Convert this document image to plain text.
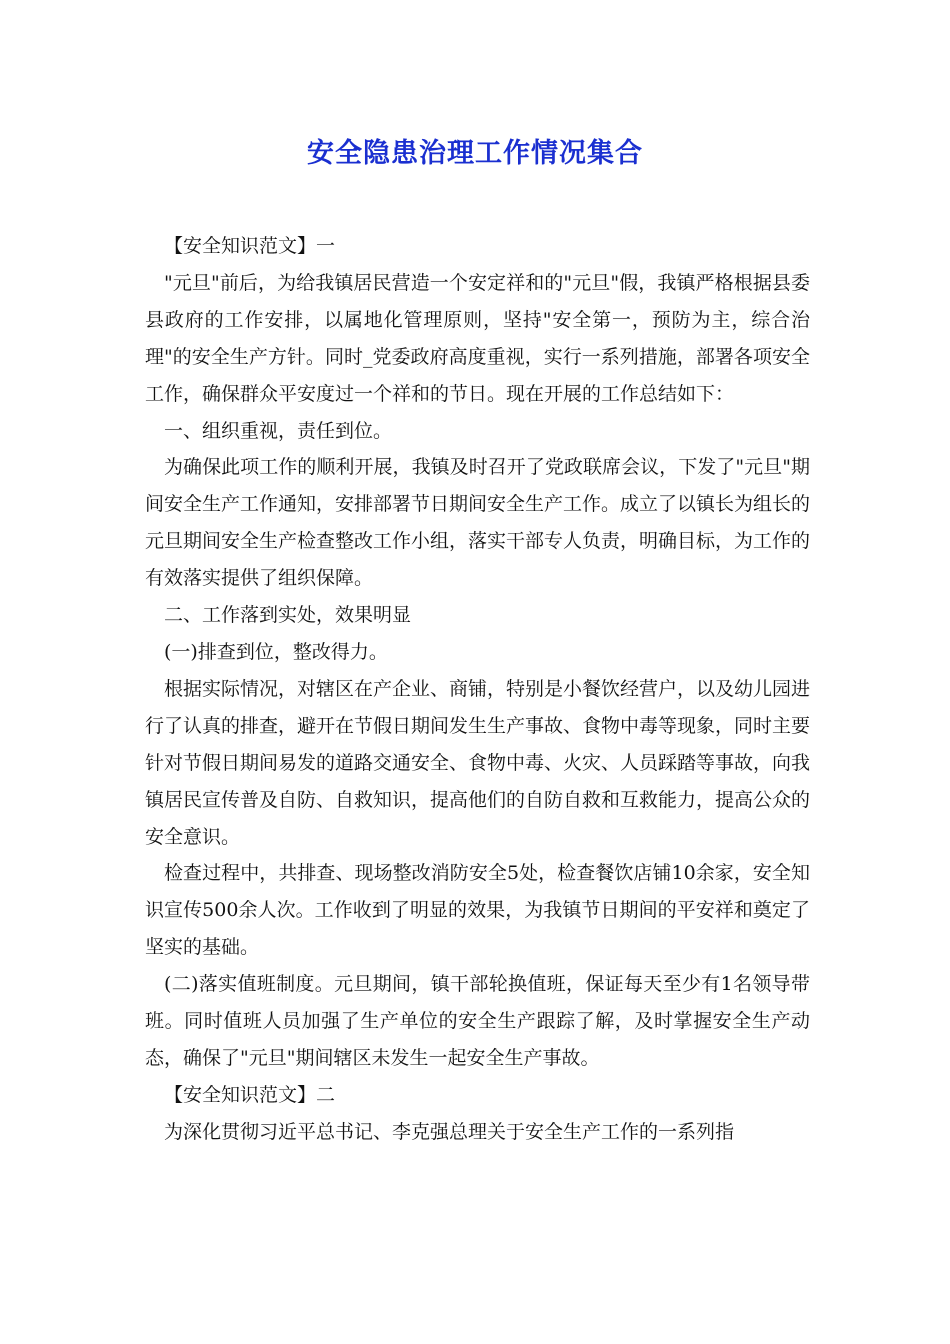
安全隐患治理工作情况集合

【安全知识范文】一

"元旦"前后，为给我镇居民营造一个安定祥和的"元旦"假，我镇严格根据县委县政府的工作安排，以属地化管理原则，坚持"安全第一，预防为主，综合治理"的安全生产方针。同时_党委政府高度重视，实行一系列措施，部署各项安全工作，确保群众平安度过一个祥和的节日。现在开展的工作总结如下：

一、组织重视，责任到位。

为确保此项工作的顺利开展，我镇及时召开了党政联席会议，下发了"元旦"期间安全生产工作通知，安排部署节日期间安全生产工作。成立了以镇长为组长的元旦期间安全生产检查整改工作小组，落实干部专人负责，明确目标，为工作的有效落实提供了组织保障。

二、工作落到实处，效果明显

(一)排查到位，整改得力。

根据实际情况，对辖区在产企业、商铺，特别是小餐饮经营户，以及幼儿园进行了认真的排查，避开在节假日期间发生生产事故、食物中毒等现象，同时主要针对节假日期间易发的道路交通安全、食物中毒、火灾、人员踩踏等事故，向我镇居民宣传普及自防、自救知识，提高他们的自防自救和互救能力，提高公众的安全意识。

检查过程中，共排查、现场整改消防安全5处，检查餐饮店铺10余家，安全知识宣传500余人次。工作收到了明显的效果，为我镇节日期间的平安祥和奠定了坚实的基础。

(二)落实值班制度。元旦期间，镇干部轮换值班，保证每天至少有1名领导带班。同时值班人员加强了生产单位的安全生产跟踪了解，及时掌握安全生产动态，确保了"元旦"期间辖区未发生一起安全生产事故。

【安全知识范文】二

为深化贯彻习近平总书记、李克强总理关于安全生产工作的一系列指
